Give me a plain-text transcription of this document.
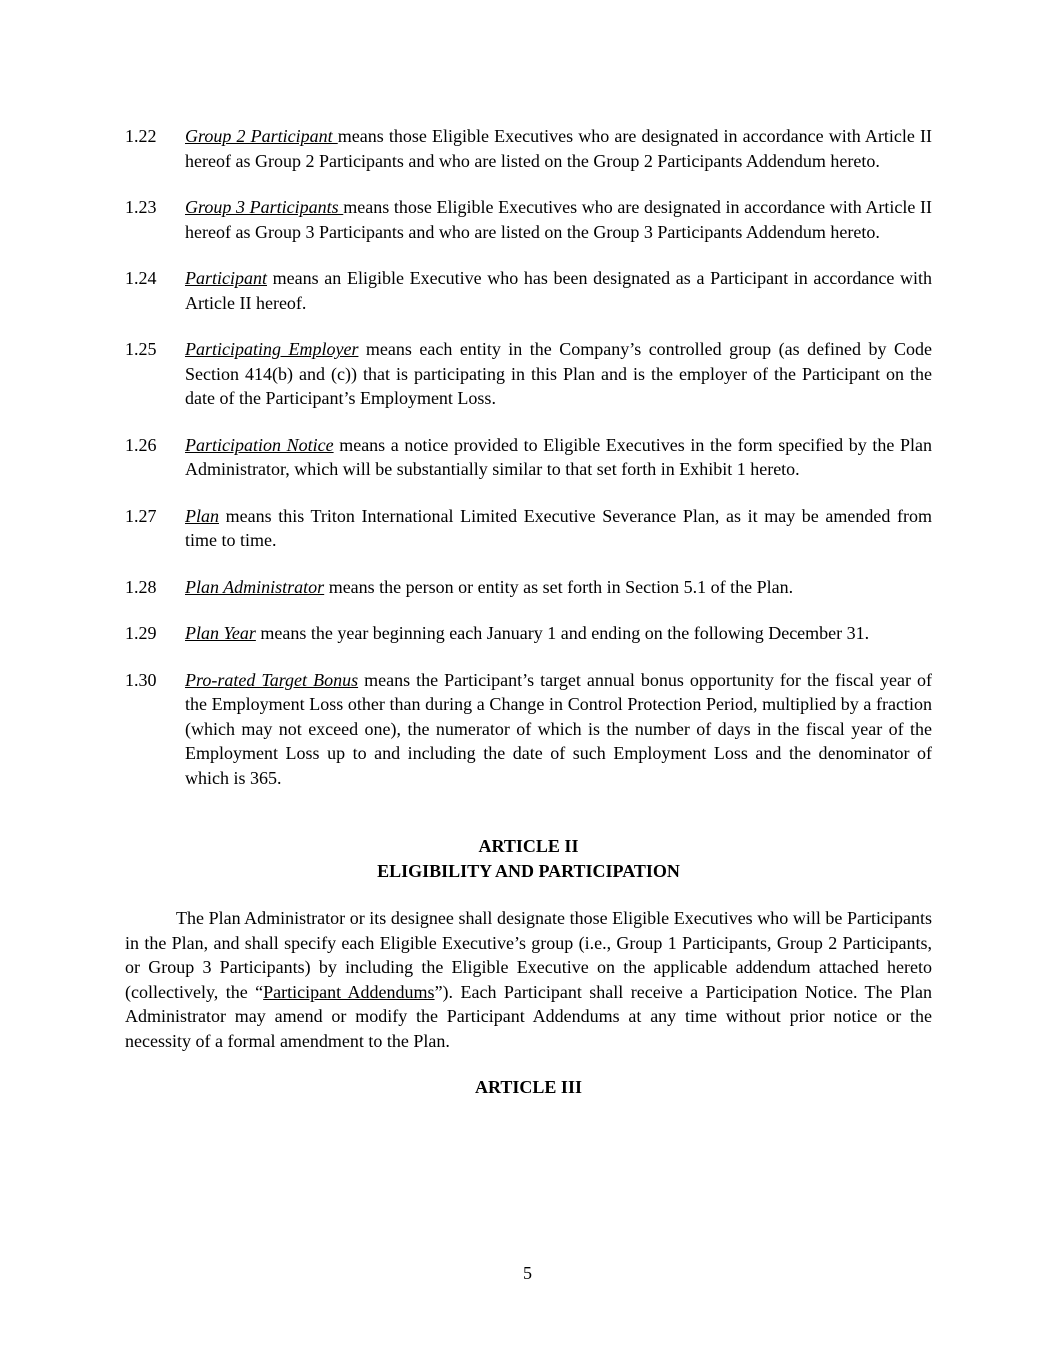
1.22	Group 2 Participant means those Eligible Executives who are designated in accordance with Article II hereof as Group 2 Participants and who are listed on the Group 2 Participants Addendum hereto.

1.23	Group 3 Participants means those Eligible Executives who are designated in accordance with Article II hereof as Group 3 Participants and who are listed on the Group 3 Participants Addendum hereto.

1.24	Participant means an Eligible Executive who has been designated as a Participant in accordance with Article II hereof.

1.25	Participating Employer means each entity in the Company’s controlled group (as defined by Code Section 414(b) and (c)) that is participating in this Plan and is the employer of the Participant on the date of the Participant’s Employment Loss.

1.26	Participation Notice means a notice provided to Eligible Executives in the form specified by the Plan Administrator, which will be substantially similar to that set forth in Exhibit 1 hereto.

1.27	Plan means this Triton International Limited Executive Severance Plan, as it may be amended from time to time.

1.28	Plan Administrator means the person or entity as set forth in Section 5.1 of the Plan.

1.29	Plan Year means the year beginning each January 1 and ending on the following December 31.

1.30	Pro-rated Target Bonus means the Participant’s target annual bonus opportunity for the fiscal year of the Employment Loss other than during a Change in Control Protection Period, multiplied by a fraction (which may not exceed one), the numerator of which is the number of days in the fiscal year of the Employment Loss up to and including the date of such Employment Loss and the denominator of which is 365.

ARTICLE II
ELIGIBILITY AND PARTICIPATION

The Plan Administrator or its designee shall designate those Eligible Executives who will be Participants in the Plan, and shall specify each Eligible Executive’s group (i.e., Group 1 Participants, Group 2 Participants, or Group 3 Participants) by including the Eligible Executive on the applicable addendum attached hereto (collectively, the “Participant Addendums”). Each Participant shall receive a Participation Notice. The Plan Administrator may amend or modify the Participant Addendums at any time without prior notice or the necessity of a formal amendment to the Plan.

ARTICLE III
5
